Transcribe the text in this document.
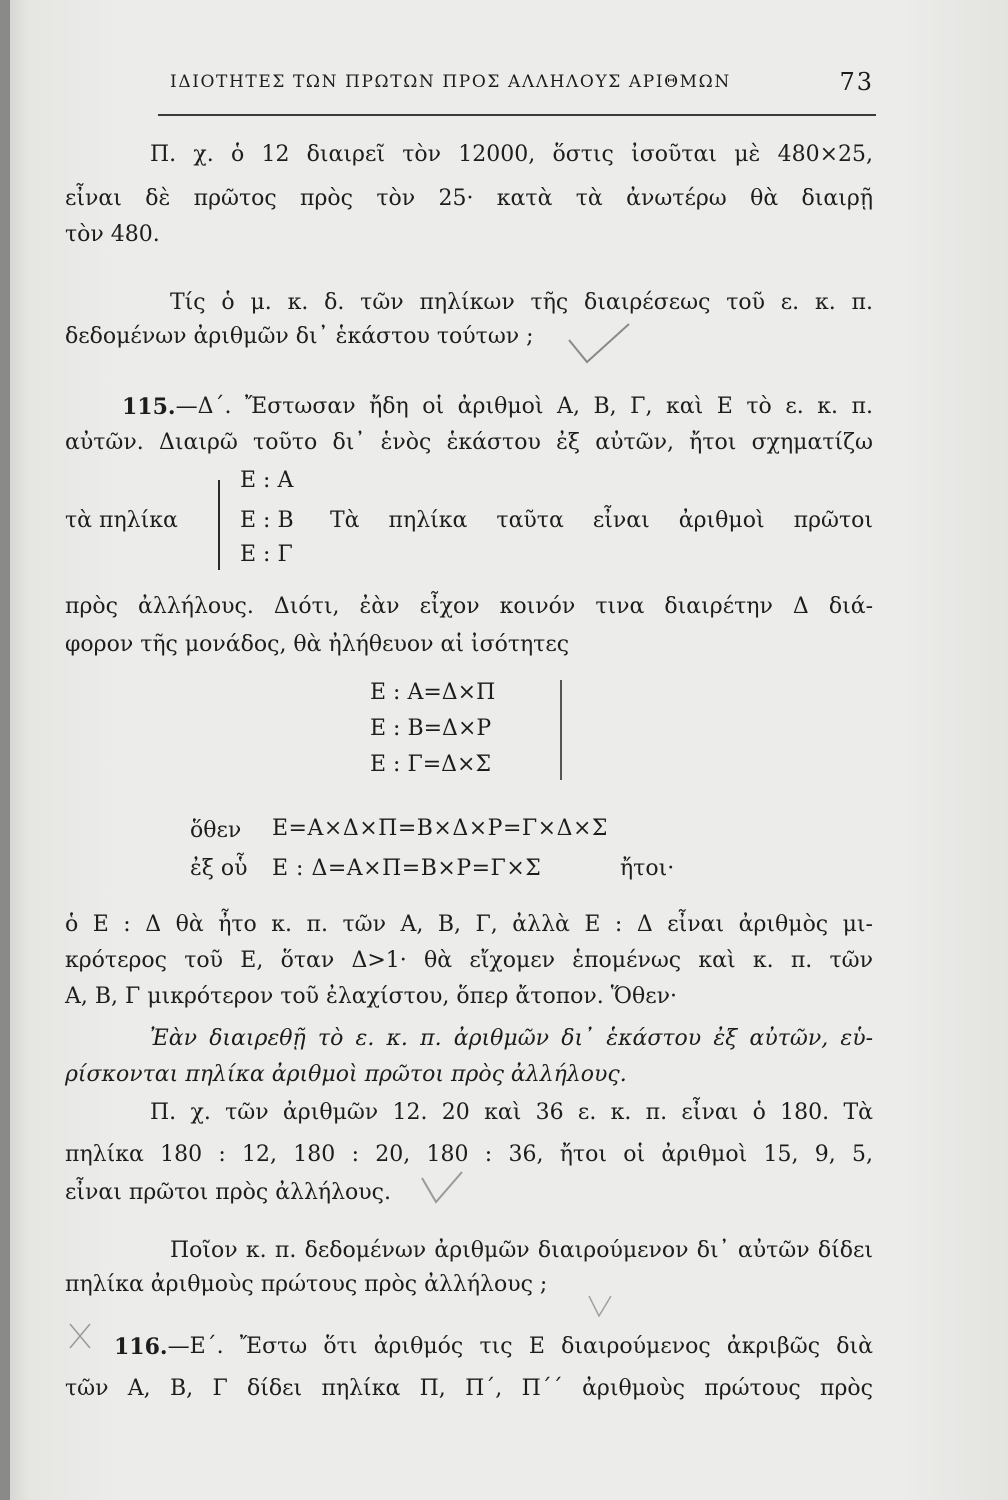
ΙΔΙΟΤΗΤΕΣ ΤΩΝ ΠΡΩΤΩΝ ΠΡΟΣ ΑΛΛΗΛΟΥΣ ΑΡΙΘΜΩΝ	73
Π. χ. ὁ 12 διαιρεῖ τὸν 12000, ὅστις ἰσοῦται μὲ 480×25,
εἶναι δὲ πρῶτος πρὸς τὸν 25· κατὰ τὰ ἀνωτέρω θὰ διαιρῇ
τὸν 480.
Τίς ὁ μ. κ. δ. τῶν πηλίκων τῆς διαιρέσεως τοῦ ε. κ. π.
δεδομένων ἀριθμῶν δι᾽ ἑκάστου τούτων ;
115. —Δ΄. Ἔστωσαν ἤδη οἱ ἀριθμοὶ Α, Β, Γ, καὶ Ε τὸ ε. κ. π.
αὐτῶν. Διαιρῶ τοῦτο δι᾽ ἑνὸς ἑκάστου ἐξ αὐτῶν, ἤτοι σχηματίζω
τὰ πηλίκα
Ε : Α
Ε : Β
Ε : Γ
Τὰ πηλίκα ταῦτα εἶναι ἀριθμοὶ πρῶτοι
πρὸς ἀλλήλους. Διότι, ἐὰν εἶχον κοινόν τινα διαιρέτην Δ διά-
φορον τῆς μονάδος, θὰ ἠλήθευον αἱ ἰσότητες
Ε : Α=Δ×Π
Ε : Β=Δ×Ρ
Ε : Γ=Δ×Σ
ὅθεν Ε=Α×Δ×Π=Β×Δ×Ρ=Γ×Δ×Σ
ἐξ οὗ Ε : Δ=Α×Π=Β×Ρ=Γ×Σ	ἤτοι·
ὁ Ε : Δ θὰ ἦτο κ. π. τῶν Α, Β, Γ, ἀλλὰ Ε : Δ εἶναι ἀριθμὸς μι-
κρότερος τοῦ Ε, ὅταν Δ>1· θὰ εἴχομεν ἑπομένως καὶ κ. π. τῶν
Α, Β, Γ μικρότερον τοῦ ἐλαχίστου, ὅπερ ἄτοπον. Ὅθεν·
Ἐὰν διαιρεθῇ τὸ ε. κ. π. ἀριθμῶν δι᾽ ἑκάστου ἐξ αὐτῶν, εὑ-
ρίσκονται πηλίκα ἀριθμοὶ πρῶτοι πρὸς ἀλλήλους.
Π. χ. τῶν ἀριθμῶν 12. 20 καὶ 36 ε. κ. π. εἶναι ὁ 180. Τὰ
πηλίκα 180 : 12, 180 : 20, 180 : 36, ἤτοι οἱ ἀριθμοὶ 15, 9, 5,
εἶναι πρῶτοι πρὸς ἀλλήλους.
Ποῖον κ. π. δεδομένων ἀριθμῶν διαιρούμενον δι᾽ αὐτῶν δίδει
πηλίκα ἀριθμοὺς πρώτους πρὸς ἀλλήλους ;
116. —Ε΄. Ἔστω ὅτι ἀριθμός τις Ε διαιρούμενος ἀκριβῶς διὰ
τῶν Α, Β, Γ δίδει πηλίκα Π, Π΄, Π΄΄ ἀριθμοὺς πρώτους πρὸς
